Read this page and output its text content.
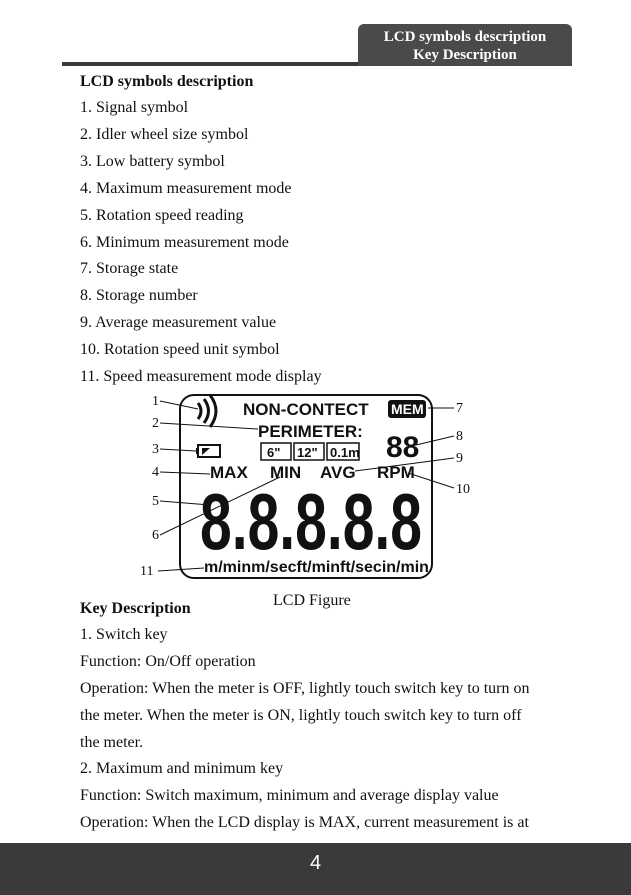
LCD symbols description
Key Description
LCD symbols description
1. Signal symbol
2. Idler wheel size symbol
3. Low battery symbol
4. Maximum measurement mode
5. Rotation speed reading
6. Minimum measurement mode
7. Storage state
8. Storage number
9. Average measurement value
10. Rotation speed unit symbol
11. Speed measurement mode display
NON-CONTECT MEM
PERIMETER: 88
6" 12" 0.1m
MAX MIN AVG RPM
8.8.8.8.8
m/minm/secft/minft/secin/min
1
2
3
4
5
6
7
8
9
10
11
Key Description	LCD Figure
1. Switch key
Function: On/Off operation
Operation: When the meter is OFF, lightly touch switch key to turn on
the meter. When the meter is ON, lightly touch switch key to turn off
the meter.
2. Maximum and minimum key
Function: Switch maximum, minimum and average display value
Operation: When the LCD display is MAX, current measurement is at
4
